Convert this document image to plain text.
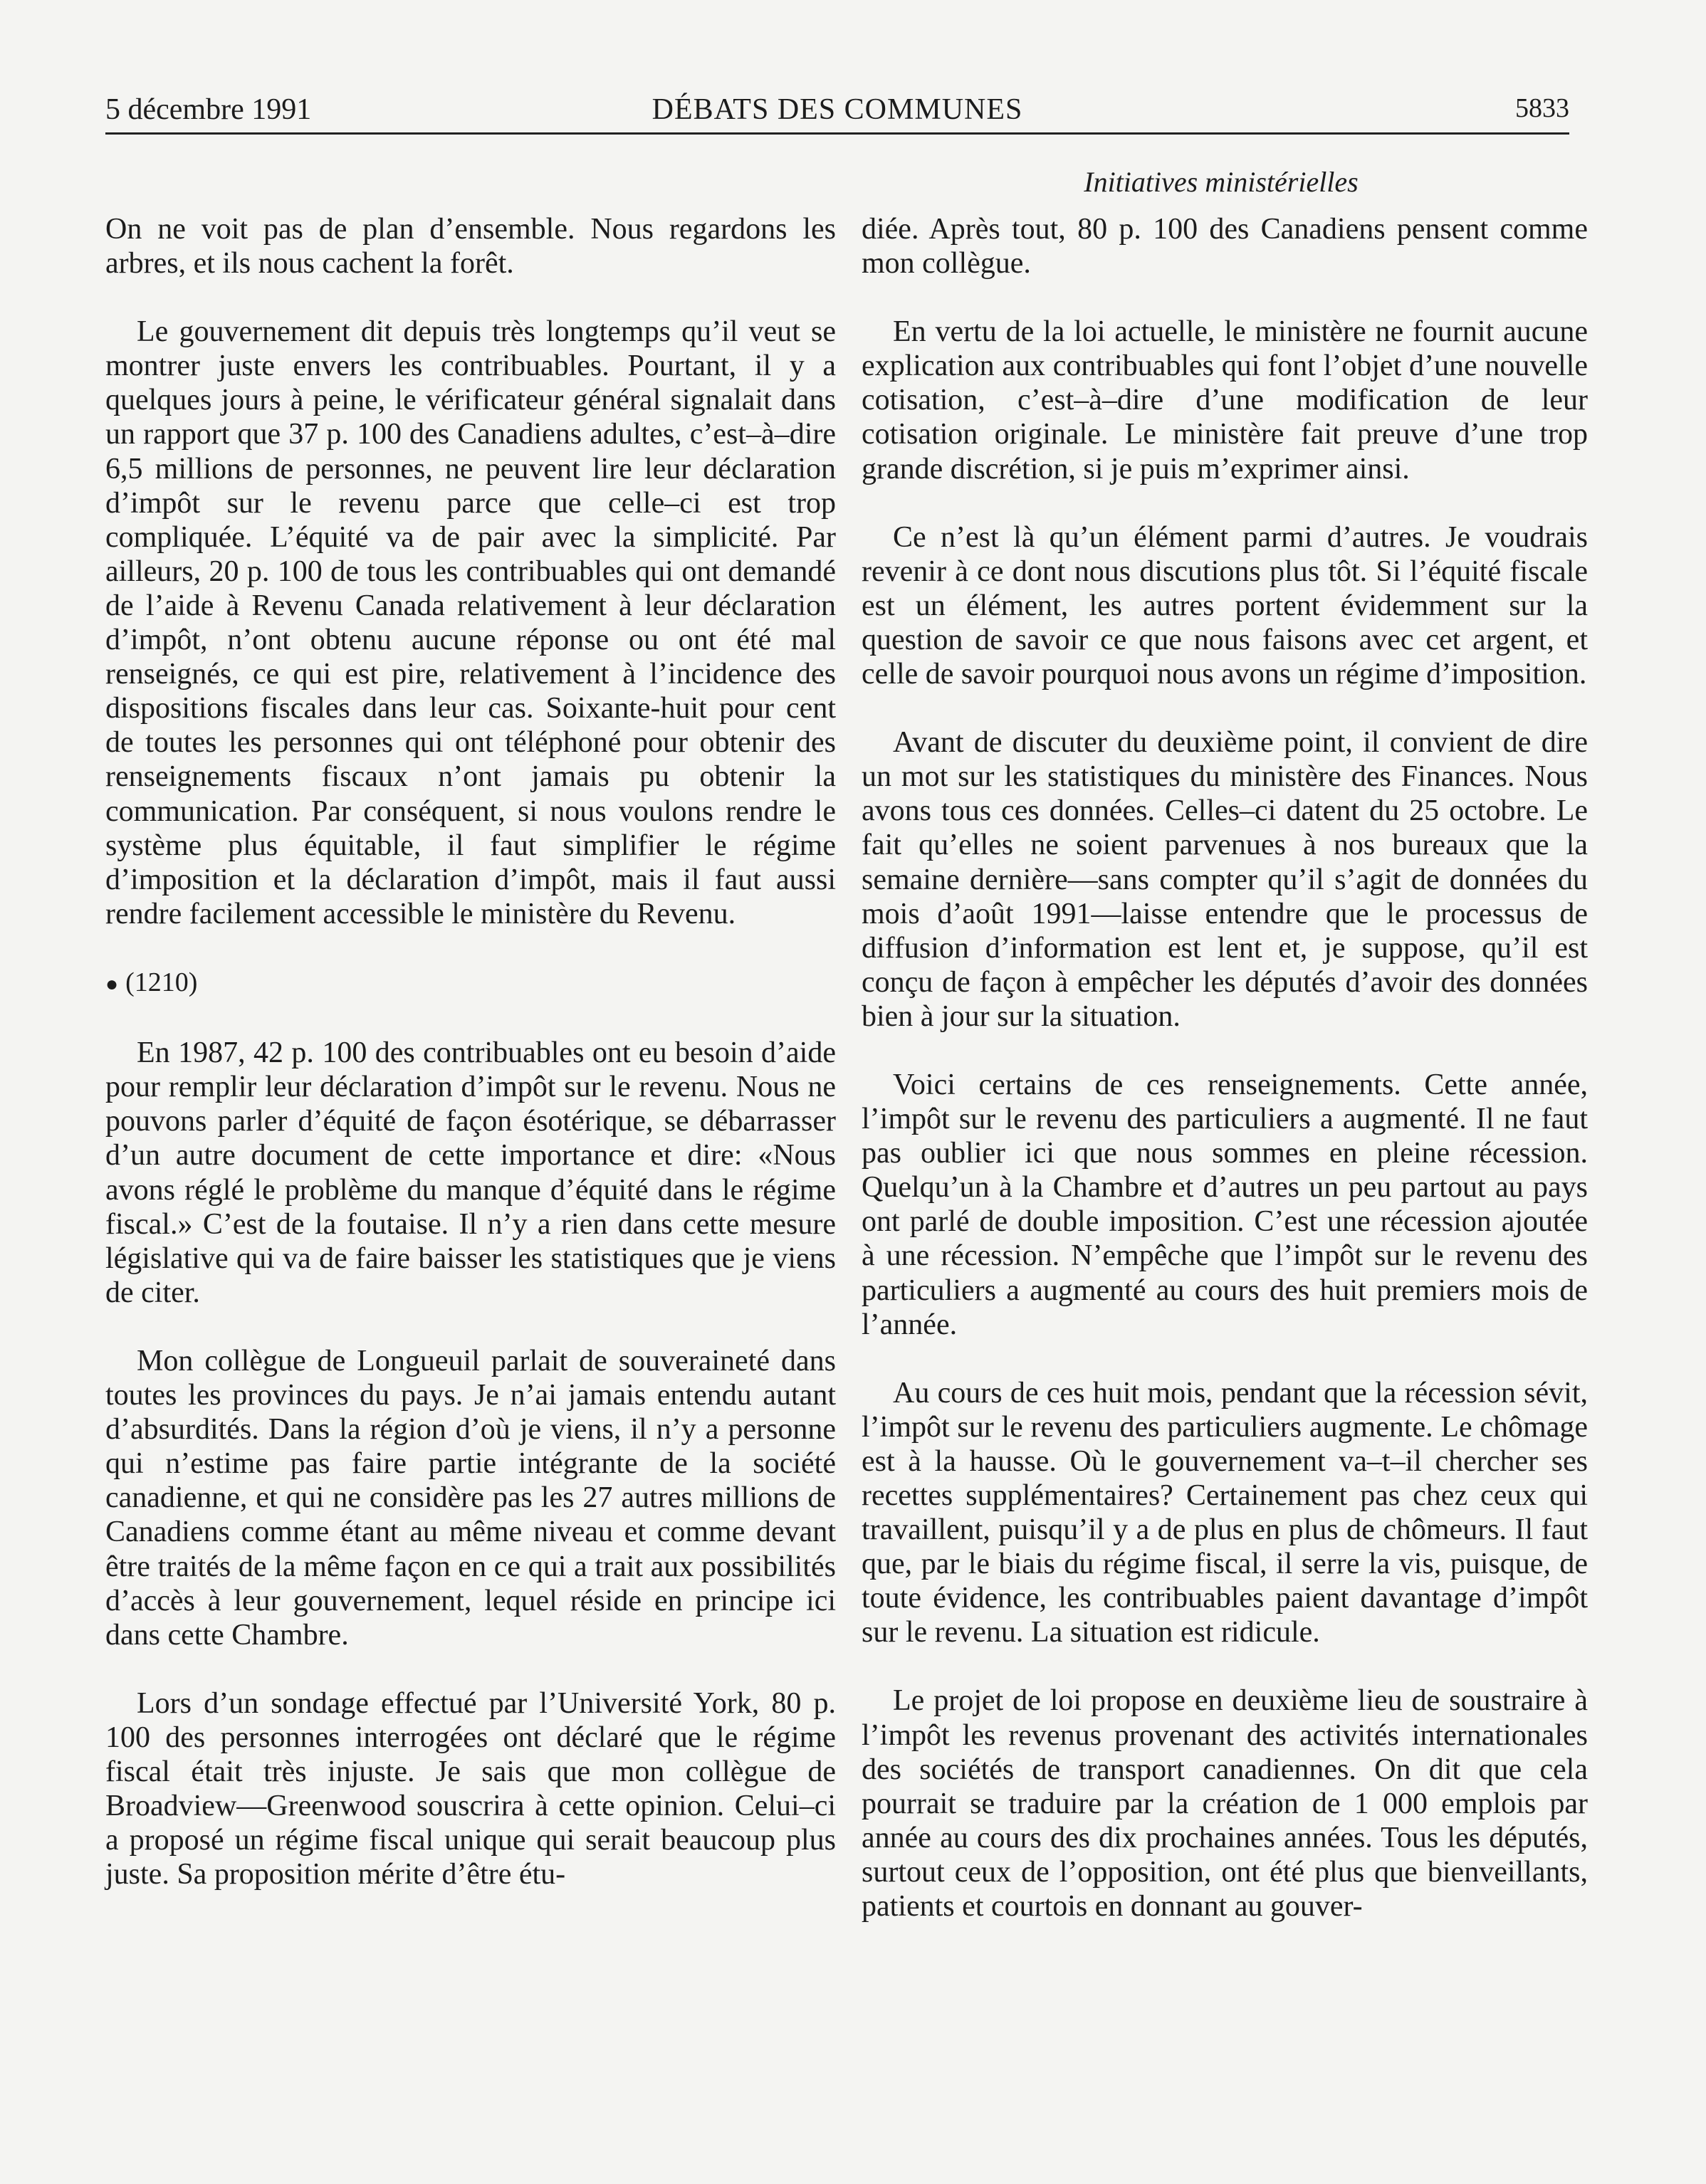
5 décembre 1991	DÉBATS DES COMMUNES	5833
Initiatives ministérielles

On ne voit pas de plan d’ensemble. Nous regardons les arbres, et ils nous cachent la forêt.

Le gouvernement dit depuis très longtemps qu’il veut se montrer juste envers les contribuables. Pourtant, il y a quelques jours à peine, le vérificateur général signalait dans un rapport que 37 p. 100 des Canadiens adultes, c’est–à–dire 6,5 millions de personnes, ne peuvent lire leur déclaration d’impôt sur le revenu parce que celle–ci est trop compliquée. L’équité va de pair avec la simplicité. Par ailleurs, 20 p. 100 de tous les contribuables qui ont demandé de l’aide à Revenu Canada relativement à leur déclaration d’impôt, n’ont obtenu aucune réponse ou ont été mal renseignés, ce qui est pire, relativement à l’incidence des dispositions fiscales dans leur cas. Soixante-huit pour cent de toutes les personnes qui ont téléphoné pour obtenir des renseignements fiscaux n’ont jamais pu obtenir la communication. Par conséquent, si nous voulons rendre le système plus équitable, il faut simplifier le régime d’imposition et la déclaration d’impôt, mais il faut aussi rendre facilement accessible le ministère du Revenu.

● (1210)

En 1987, 42 p. 100 des contribuables ont eu besoin d’aide pour remplir leur déclaration d’impôt sur le revenu. Nous ne pouvons parler d’équité de façon ésotérique, se débarrasser d’un autre document de cette importance et dire: «Nous avons réglé le problème du manque d’équité dans le régime fiscal.» C’est de la foutaise. Il n’y a rien dans cette mesure législative qui va de faire baisser les statistiques que je viens de citer.

Mon collègue de Longueuil parlait de souveraineté dans toutes les provinces du pays. Je n’ai jamais entendu autant d’absurdités. Dans la région d’où je viens, il n’y a personne qui n’estime pas faire partie intégrante de la société canadienne, et qui ne considère pas les 27 autres millions de Canadiens comme étant au même niveau et comme devant être traités de la même façon en ce qui a trait aux possibilités d’accès à leur gouvernement, lequel réside en principe ici dans cette Chambre.

Lors d’un sondage effectué par l’Université York, 80 p. 100 des personnes interrogées ont déclaré que le régime fiscal était très injuste. Je sais que mon collègue de Broadview—Greenwood souscrira à cette opinion. Celui–ci a proposé un régime fiscal unique qui serait beaucoup plus juste. Sa proposition mérite d’être étu-

diée. Après tout, 80 p. 100 des Canadiens pensent comme mon collègue.

En vertu de la loi actuelle, le ministère ne fournit aucune explication aux contribuables qui font l’objet d’une nouvelle cotisation, c’est–à–dire d’une modification de leur cotisation originale. Le ministère fait preuve d’une trop grande discrétion, si je puis m’exprimer ainsi.

Ce n’est là qu’un élément parmi d’autres. Je voudrais revenir à ce dont nous discutions plus tôt. Si l’équité fiscale est un élément, les autres portent évidemment sur la question de savoir ce que nous faisons avec cet argent, et celle de savoir pourquoi nous avons un régime d’imposition.

Avant de discuter du deuxième point, il convient de dire un mot sur les statistiques du ministère des Finances. Nous avons tous ces données. Celles–ci datent du 25 octobre. Le fait qu’elles ne soient parvenues à nos bureaux que la semaine dernière—sans compter qu’il s’agit de données du mois d’août 1991—laisse entendre que le processus de diffusion d’information est lent et, je suppose, qu’il est conçu de façon à empêcher les députés d’avoir des données bien à jour sur la situation.

Voici certains de ces renseignements. Cette année, l’impôt sur le revenu des particuliers a augmenté. Il ne faut pas oublier ici que nous sommes en pleine récession. Quelqu’un à la Chambre et d’autres un peu partout au pays ont parlé de double imposition. C’est une récession ajoutée à une récession. N’empêche que l’impôt sur le revenu des particuliers a augmenté au cours des huit premiers mois de l’année.

Au cours de ces huit mois, pendant que la récession sévit, l’impôt sur le revenu des particuliers augmente. Le chômage est à la hausse. Où le gouvernement va–t–il chercher ses recettes supplémentaires? Certainement pas chez ceux qui travaillent, puisqu’il y a de plus en plus de chômeurs. Il faut que, par le biais du régime fiscal, il serre la vis, puisque, de toute évidence, les contribuables paient davantage d’impôt sur le revenu. La situation est ridicule.

Le projet de loi propose en deuxième lieu de soustraire à l’impôt les revenus provenant des activités internationales des sociétés de transport canadiennes. On dit que cela pourrait se traduire par la création de 1 000 emplois par année au cours des dix prochaines années. Tous les députés, surtout ceux de l’opposition, ont été plus que bienveillants, patients et courtois en donnant au gouver-
